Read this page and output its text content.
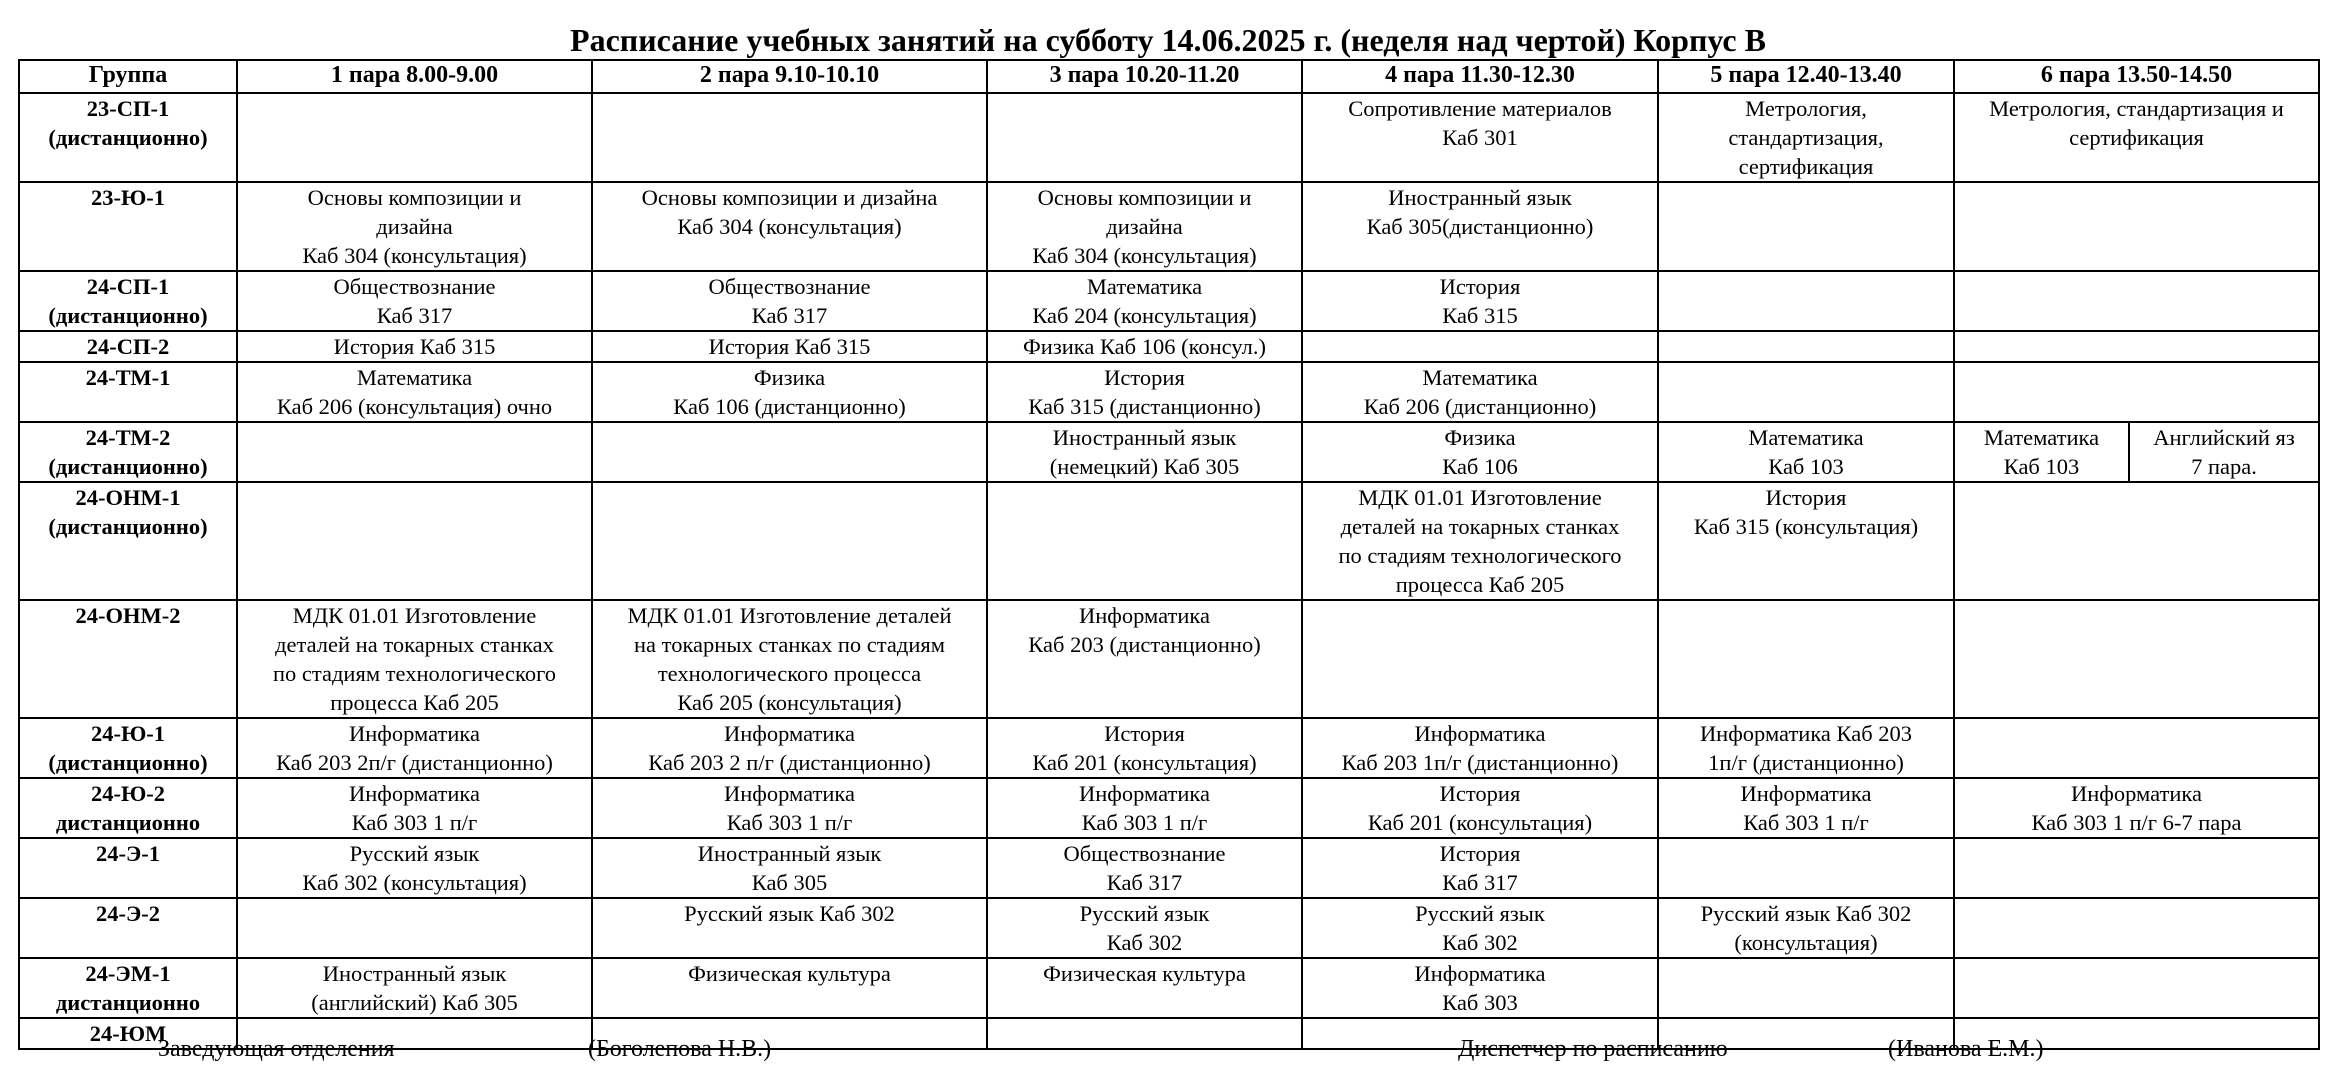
Расписание учебных занятий на субботу 14.06.2025 г. (неделя над чертой) Корпус В
Группа	1 пара 8.00-9.00	2 пара 9.10-10.10	3 пара 10.20-11.20	4 пара 11.30-12.30	5 пара 12.40-13.40	6 пара 13.50-14.50	

23-СП-1
(дистанционно)				Сопротивление материалов
Каб 301	Метрология,
стандартизация,
сертификация	Метрология, стандартизация и
сертификация	

23-Ю-1	Основы композиции и
дизайна
Каб 304 (консультация)	Основы композиции и дизайна
Каб 304 (консультация)	Основы композиции и
дизайна
Каб 304 (консультация)	Иностранный язык
Каб 305(дистанционно)			

24-СП-1
(дистанционно)	Обществознание
Каб 317	Обществознание
Каб 317	Математика
Каб 204 (консультация)	История
Каб 315			

24-СП-2	История Каб 315	История Каб 315	Физика Каб 106 (консул.)				

24-ТМ-1	Математика
Каб 206 (консультация) очно	Физика
Каб 106 (дистанционно)	История
Каб 315 (дистанционно)	Математика
Каб 206 (дистанционно)			

24-ТМ-2
(дистанционно)			Иностранный язык
(немецкий) Каб 305	Физика
Каб 106	Математика
Каб 103	Математика
Каб 103	Английский яз
7 пара.

24-ОНМ-1
(дистанционно)				МДК 01.01 Изготовление
деталей на токарных станках
по стадиям технологического
процесса Каб 205	История
Каб 315 (консультация)		

24-ОНМ-2	МДК 01.01 Изготовление
деталей на токарных станках
по стадиям технологического
процесса Каб 205	МДК 01.01 Изготовление деталей
на токарных станках по стадиям
технологического процесса
Каб 205 (консультация)	Информатика
Каб 203 (дистанционно)				

24-Ю-1
(дистанционно)	Информатика
Каб 203 2п/г (дистанционно)	Информатика
Каб 203 2 п/г (дистанционно)	История
Каб 201 (консультация)	Информатика
Каб 203 1п/г (дистанционно)	Информатика Каб 203
1п/г (дистанционно)		

24-Ю-2
дистанционно	Информатика
Каб 303 1 п/г	Информатика
Каб 303 1 п/г	Информатика
Каб 303 1 п/г	История
Каб 201 (консультация)	Информатика
Каб 303 1 п/г	Информатика
Каб 303 1 п/г 6-7 пара	

24-Э-1	Русский язык
Каб 302 (консультация)	Иностранный язык
Каб 305	Обществознание
Каб 317	История
Каб 317			

24-Э-2		Русский язык Каб 302	Русский язык
Каб 302	Русский язык
Каб 302	Русский язык Каб 302
(консультация)		

24-ЭМ-1
дистанционно	Иностранный язык
(английский) Каб 305	Физическая культура	Физическая культура	Информатика
Каб 303			

24-ЮМ							

Заведующая отделения	(Боголепова Н.В.)	Диспетчер по расписанию	(Иванова Е.М.)
